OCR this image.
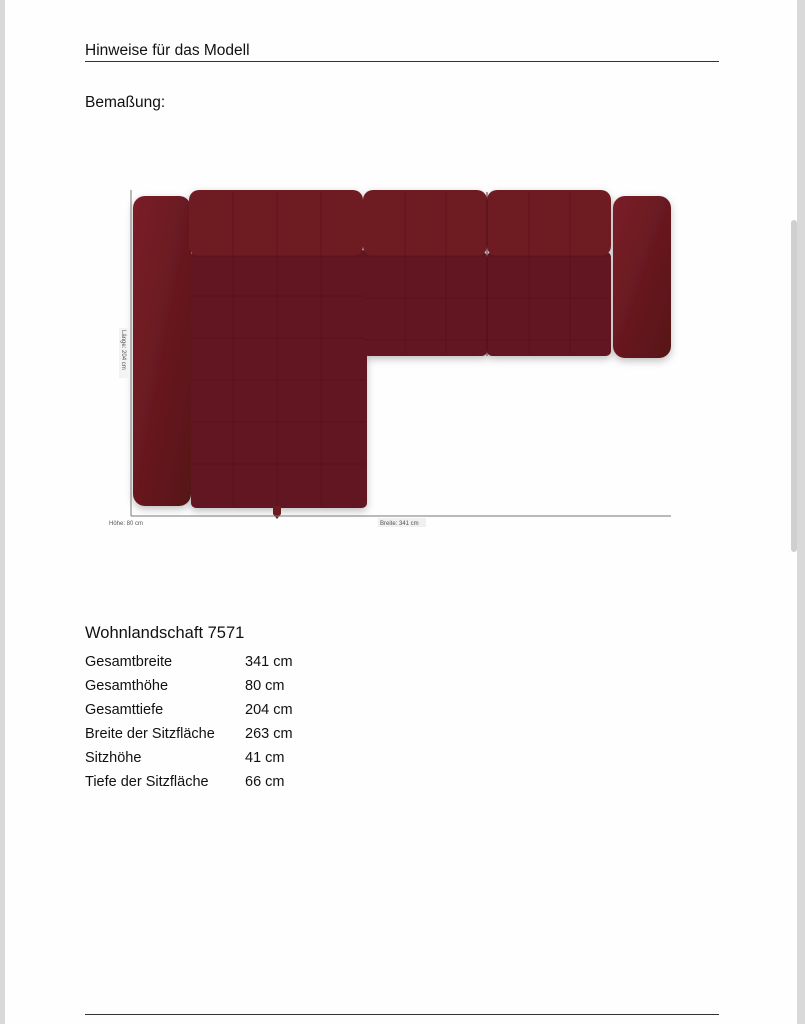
Hinweise für das Modell
Bemaßung:
Länge: 204 cm
Höhe: 80 cm	Breite: 341 cm
Wohnlandschaft 7571
Gesamtbreite	341 cm
Gesamthöhe	80 cm
Gesamttiefe	204 cm
Breite der Sitzfläche	263 cm
Sitzhöhe	41 cm
Tiefe der Sitzfläche	66 cm
